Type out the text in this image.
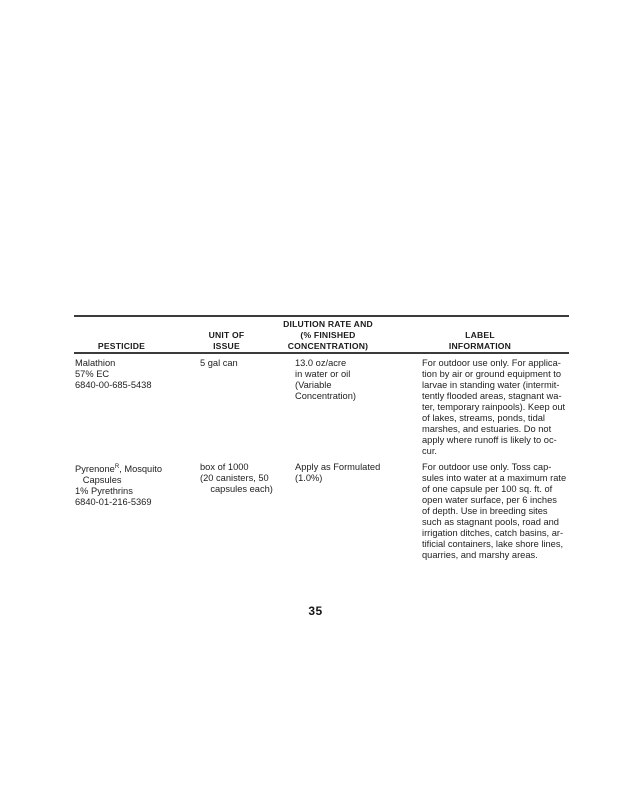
PESTICIDE
UNIT OF
ISSUE
DILUTION RATE AND
(% FINISHED
CONCENTRATION)
LABEL
INFORMATION
Malathion
57% EC
6840-00-685-5438
5 gal can	13.0 oz/acre
in water or oil
(Variable
Concentration)
For outdoor use only. For applica-
tion by air or ground equipment to
larvae in standing water (intermit-
tently flooded areas, stagnant wa-
ter, temporary rainpools). Keep out
of lakes, streams, ponds, tidal
marshes, and estuaries. Do not
apply where runoff is likely to oc-
cur.
Pyrenone$^R$, Mosquito
Capsules
1% Pyrethrins
6840-01-216-5369
box of 1000
(20 canisters, 50
capsules each)
Apply as Formulated
(1.0%)
For outdoor use only. Toss cap-
sules into water at a maximum rate
of one capsule per 100 sq. ft. of
open water surface, per 6 inches
of depth. Use in breeding sites
such as stagnant pools, road and
irrigation ditches, catch basins, ar-
tificial containers, lake shore lines,
quarries, and marshy areas.
35
